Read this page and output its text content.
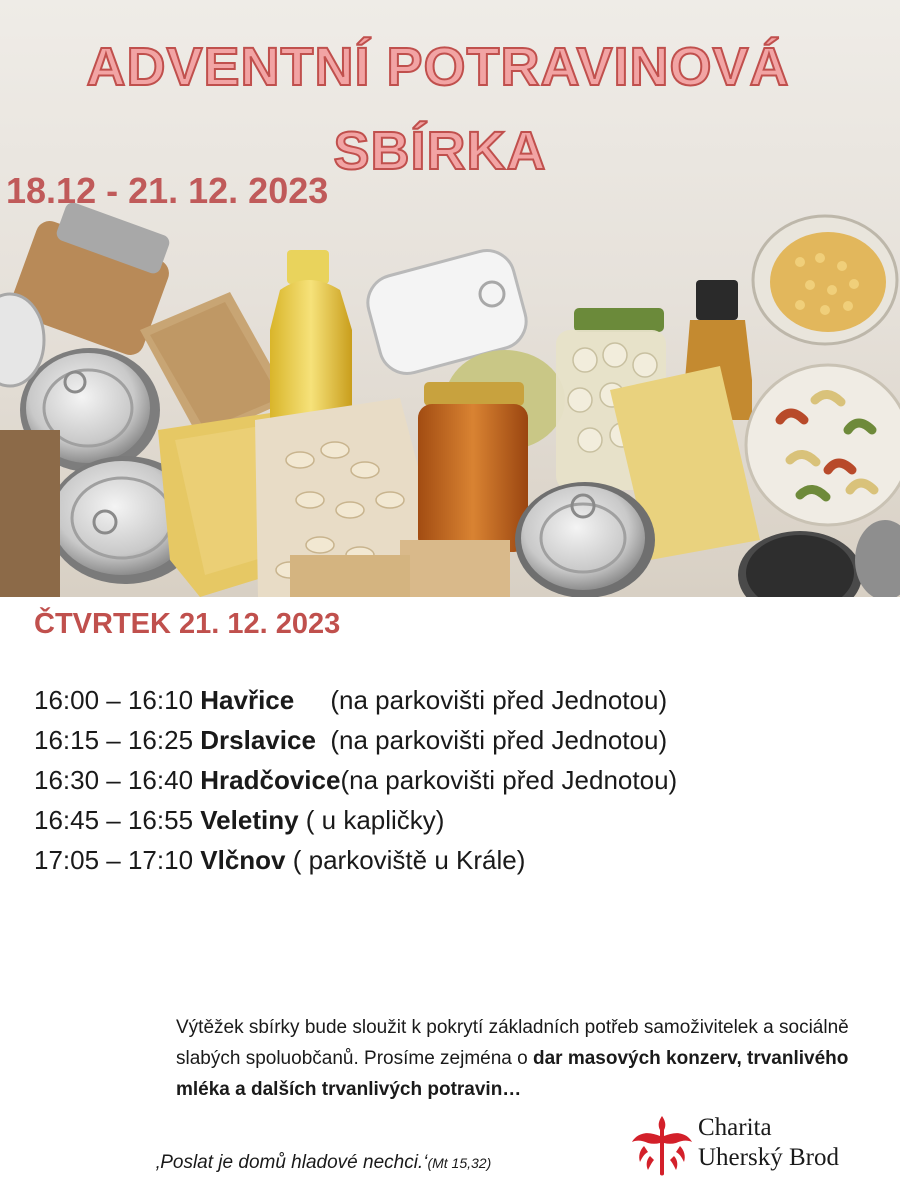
ADVENTNÍ POTRAVINOVÁ
SBÍRKA

18.12 - 21. 12. 2023

ČTVRTEK 21. 12. 2023

16:00 – 16:10 Havřice     (na parkovišti před Jednotou)
16:15 – 16:25 Drslavice  (na parkovišti před Jednotou)
16:30 – 16:40 Hradčovice(na parkovišti před Jednotou)
16:45 – 16:55 Veletiny ( u kapličky)
17:05 – 17:10 Vlčnov ( parkoviště u Krále)
Výtěžek sbírky bude sloužit k pokrytí základních potřeb samoživitelek a sociálně slabých spoluobčanů. Prosíme zejména o dar masových konzerv, trvanlivého mléka a dalších trvanlivých potravin…
‚Poslat je domů hladové nechci.‘(Mt 15,32)
Charita
Uherský Brod
